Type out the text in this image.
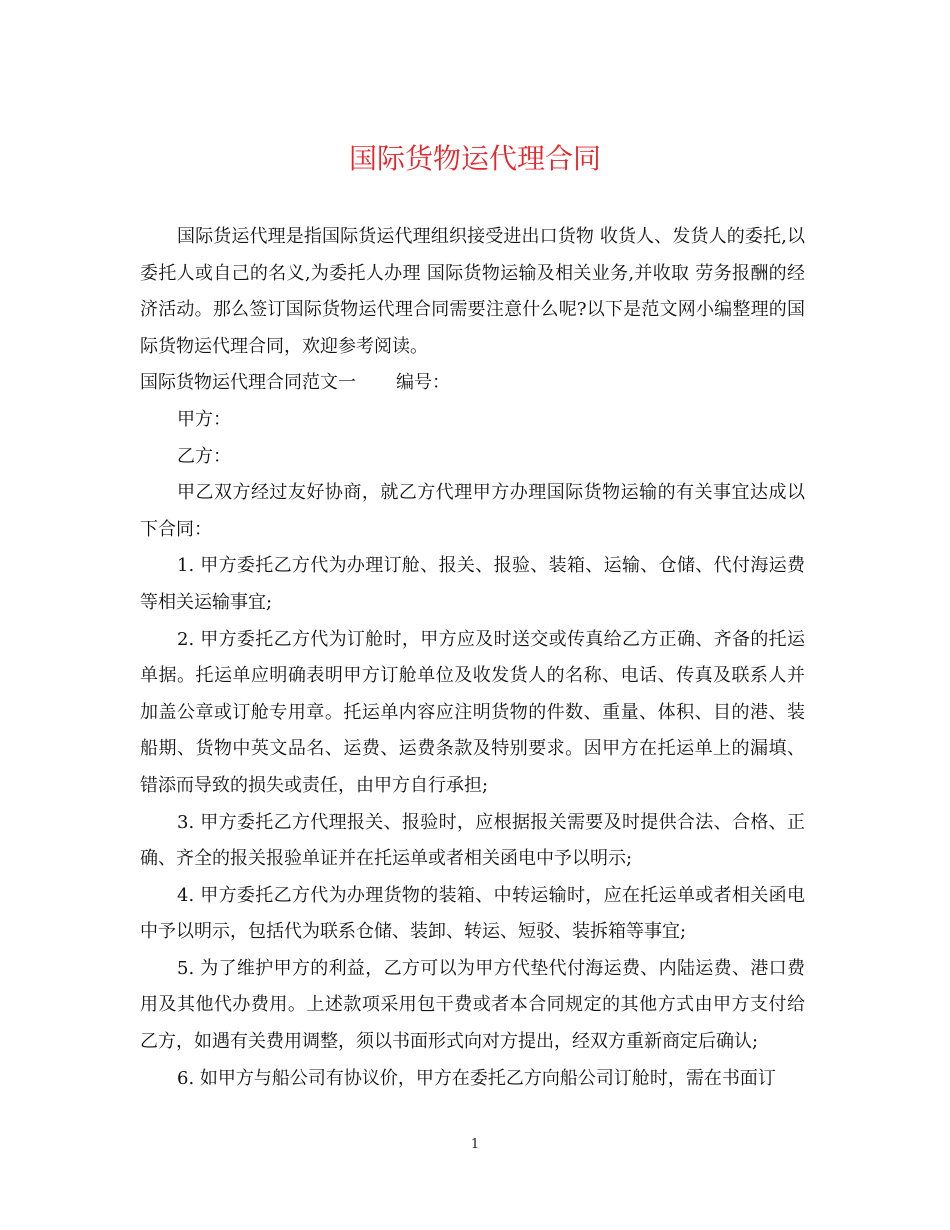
国际货物运代理合同

国际货运代理是指国际货运代理组织接受进出口货物 收货人、发货人的委托,以 委托人或自己的名义,为委托人办理 国际货物运输及相关业务,并收取 劳务报酬的经济活动。那么签订国际货物运代理合同需要注意什么呢?以下是范文网小编整理的国际货物运代理合同，欢迎参考阅读。

国际货物运代理合同范文一 编号：

甲方：

乙方：

甲乙双方经过友好协商，就乙方代理甲方办理国际货物运输的有关事宜达成以下合同：

1. 甲方委托乙方代为办理订舱、报关、报验、装箱、运输、仓储、代付海运费等相关运输事宜;

2. 甲方委托乙方代为订舱时，甲方应及时送交或传真给乙方正确、齐备的托运单据。托运单应明确表明甲方订舱单位及收发货人的名称、电话、传真及联系人并加盖公章或订舱专用章。托运单内容应注明货物的件数、重量、体积、目的港、装船期、货物中英文品名、运费、运费条款及特别要求。因甲方在托运单上的漏填、错添而导致的损失或责任，由甲方自行承担;

3. 甲方委托乙方代理报关、报验时，应根据报关需要及时提供合法、合格、正确、齐全的报关报验单证并在托运单或者相关函电中予以明示;

4. 甲方委托乙方代为办理货物的装箱、中转运输时，应在托运单或者相关函电中予以明示，包括代为联系仓储、装卸、转运、短驳、装拆箱等事宜;

5. 为了维护甲方的利益，乙方可以为甲方代垫代付海运费、内陆运费、港口费用及其他代办费用。上述款项采用包干费或者本合同规定的其他方式由甲方支付给乙方，如遇有关费用调整，须以书面形式向对方提出，经双方重新商定后确认;

6. 如甲方与船公司有协议价，甲方在委托乙方向船公司订舱时，需在书面订

1
